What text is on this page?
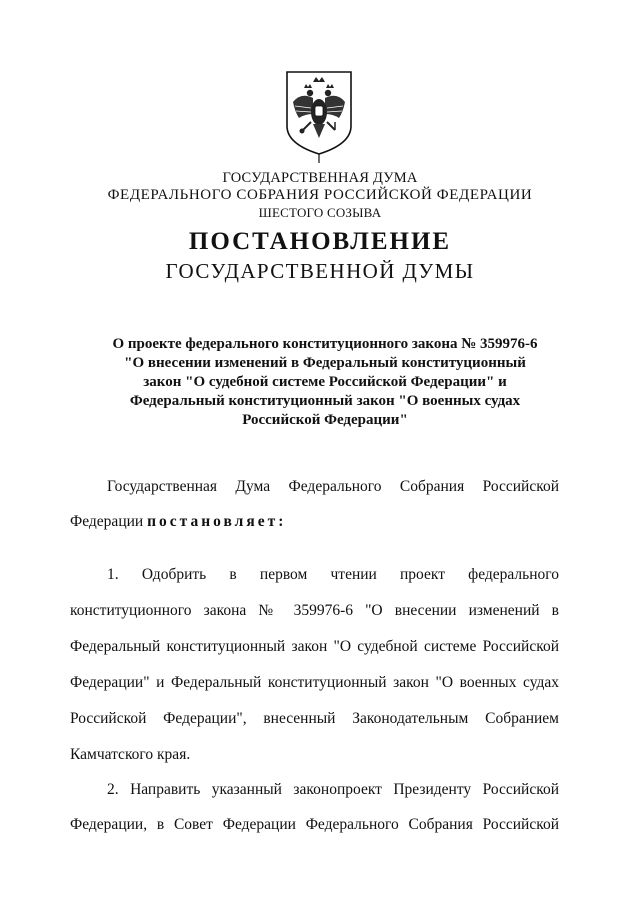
ГОСУДАРСТВЕННАЯ ДУМА
ФЕДЕРАЛЬНОГО СОБРАНИЯ РОССИЙСКОЙ ФЕДЕРАЦИИ
ШЕСТОГО СОЗЫВА
ПОСТАНОВЛЕНИЕ
ГОСУДАРСТВЕННОЙ ДУМЫ
О проекте федерального конституционного закона № 359976-6
"О внесении изменений в Федеральный конституционный
закон "О судебной системе Российской Федерации" и
Федеральный конституционный закон "О военных судах
Российской Федерации"
Государственная Дума Федерального Собрания Российской
Федерации постановляет:
1. Одобрить в первом чтении проект федерального
конституционного закона № 359976-6 "О внесении изменений в
Федеральный конституционный закон "О судебной системе Российской
Федерации" и Федеральный конституционный закон "О военных судах
Российской Федерации", внесенный Законодательным Собранием
Камчатского края.
2. Направить указанный законопроект Президенту Российской
Федерации, в Совет Федерации Федерального Собрания Российской
